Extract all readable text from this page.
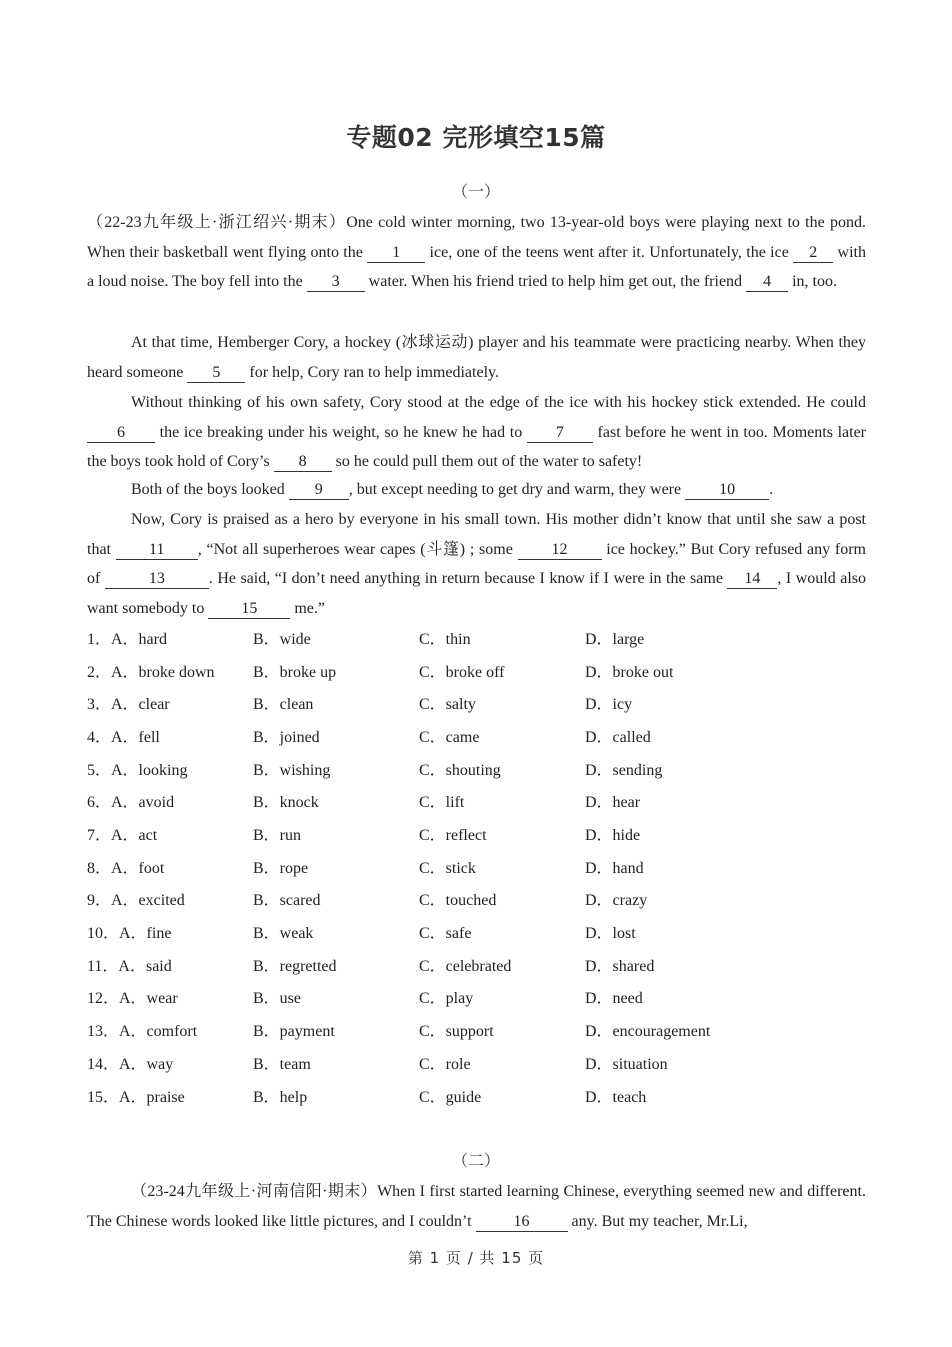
专题02 完形填空15篇
（一）

（22-23九年级上·浙江绍兴·期末）One cold winter morning, two 13-year-old boys were playing next to the pond. When their basketball went flying onto the 1 ice, one of the teens went after it. Unfortunately, the ice 2 with a loud noise. The boy fell into the 3 water. When his friend tried to help him get out, the friend 4 in, too.

At that time, Hemberger Cory, a hockey (冰球运动) player and his teammate were practicing nearby. When they heard someone 5 for help, Cory ran to help immediately.

Without thinking of his own safety, Cory stood at the edge of the ice with his hockey stick extended. He could 6 the ice breaking under his weight, so he knew he had to 7 fast before he went in too. Moments later the boys took hold of Cory’s 8 so he could pull them out of the water to safety!

Both of the boys looked 9 , but except needing to get dry and warm, they were 10 .

Now, Cory is praised as a hero by everyone in his small town. His mother didn’t know that until she saw a post that 11 , “Not all superheroes wear capes (斗篷) ; some 12 ice hockey.” But Cory refused any form of	13	. He said, “I don’t need anything in return because I know if I were in the same 14 , I would also want somebody to 15 me.”

1．A．hard	B．wide	C．thin	D．large
2．A．broke down B．broke up	C．broke off	D．broke out
3．A．clear	B．clean	C．salty	D．icy
4．A．fell	B．joined	C．came	D．called
5．A．looking	B．wishing	C．shouting	D．sending
6．A．avoid	B．knock	C．lift	D．hear
7．A．act	B．run	C．reflect	D．hide
8．A．foot	B．rope	C．stick	D．hand
9．A．excited	B．scared	C．touched	D．crazy
10．A．fine	B．weak	C．safe	D．lost
11．A．said	B．regretted	C．celebrated	D．shared
12．A．wear	B．use	C．play	D．need
13．A．comfort	B．payment	C．support	D．encouragement
14．A．way	B．team	C．role	D．situation
15．A．praise	B．help	C．guide	D．teach
（二）

（23-24九年级上·河南信阳·期末）When I first started learning Chinese, everything seemed new and different. The Chinese words looked like little pictures, and I couldn’t 16 any. But my teacher, Mr.Li,

第 1 页 / 共 15 页
